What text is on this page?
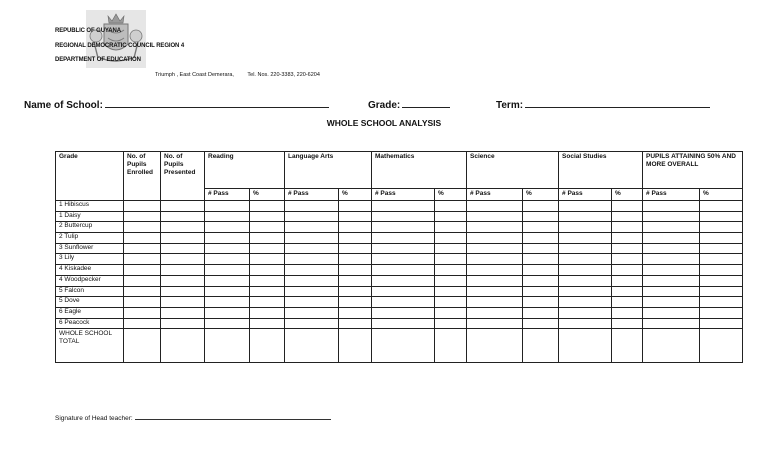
REPUBLIC OF GUYANA
REGIONAL DEMOCRATIC COUNCIL REGION 4
DEPARTMENT OF EDUCATION
Triumph , East Coast Demerara, Tel. Nos. 220-3383, 220-6204
Name of School:	Grade:	Term:
WHOLE SCHOOL ANALYSIS
Grade	No. of Pupils Enrolled	No. of Pupils Presented	Reading		Language Arts		Mathematics		Science		Social Studies		PUPILS ATTAINING 50% AND MORE OVERALL	
			# Pass	%	# Pass	%	# Pass	%	# Pass	%	# Pass	%	# Pass	%
1 Hibiscus														
1 Daisy														
2 Buttercup														
2 Tulip														
3 Sunflower														
3 Lily														
4 Kiskadee														
4 Woodpecker														
5 Falcon														
5 Dove														
6 Eagle														
6 Peacock														
WHOLE SCHOOL TOTAL														
Signature of Head teacher:
